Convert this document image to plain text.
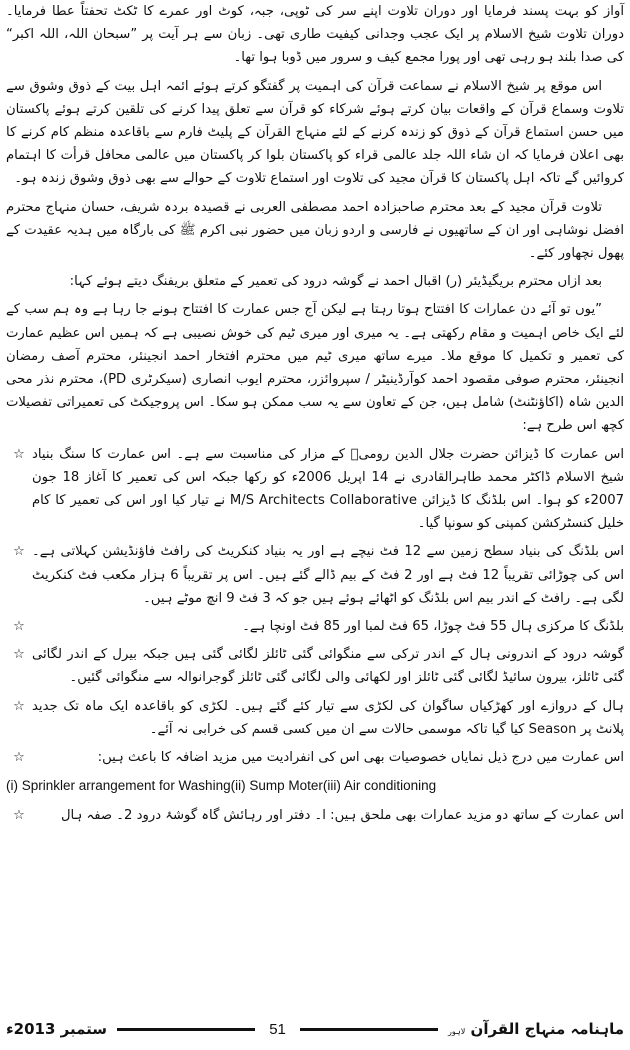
آواز کو بہت پسند فرمایا اور دوران تلاوت اپنے سر کی ٹوپی، جبہ، کوٹ اور عمرے کا ٹکٹ تحفتاً عطا فرمایا۔ دوران تلاوت شیخ الاسلام پر ایک عجب وجدانی کیفیت طاری تھی۔ زبان سے ہر آیت پر ”سبحان اللہ، اللہ اکبر“ کی صدا بلند ہو رہی تھی اور پورا مجمع کیف و سرور میں ڈوبا ہوا تھا۔

اس موقع پر شیخ الاسلام نے سماعت قرآن کی اہمیت پر گفتگو کرتے ہوئے ائمہ اہل بیت کے ذوق وشوق سے تلاوت وسماع قرآن کے واقعات بیان کرتے ہوئے شرکاء کو قرآن سے تعلق پیدا کرنے کی تلقین کرتے ہوئے پاکستان میں حسن استماع قرآن کے ذوق کو زندہ کرنے کے لئے منہاج القرآن کے پلیٹ فارم سے باقاعدہ منظم کام کرنے کا بھی اعلان فرمایا کہ ان شاء اللہ جلد عالمی قراء کو پاکستان بلوا کر پاکستان میں عالمی محافل قرأت کا اہتمام کروائیں گے تاکہ اہل پاکستان کا قرآن مجید کی تلاوت اور استماع تلاوت کے حوالے سے بھی ذوق وشوق زندہ ہو۔

تلاوت قرآن مجید کے بعد محترم صاحبزادہ احمد مصطفی العربی نے قصیدہ بردہ شریف، حسان منہاج محترم افضل نوشاہی اور ان کے ساتھیوں نے فارسی و اردو زبان میں حضور نبی اکرم ﷺ کی بارگاہ میں ہدیہ عقیدت کے پھول نچھاور کئے۔

بعد ازاں محترم بریگیڈیئر (ر) اقبال احمد نے گوشہ درود کی تعمیر کے متعلق بریفنگ دیتے ہوئے کہا:

”یوں تو آئے دن عمارات کا افتتاح ہوتا رہتا ہے لیکن آج جس عمارت کا افتتاح ہونے جا رہا ہے وہ ہم سب کے لئے ایک خاص اہمیت و مقام رکھتی ہے۔ یہ میری اور میری ٹیم کی خوش نصیبی ہے کہ ہمیں اس عظیم عمارت کی تعمیر و تکمیل کا موقع ملا۔ میرے ساتھ میری ٹیم میں محترم افتخار احمد انجینئر، محترم آصف رمضان انجینئر، محترم صوفی مقصود احمد کوآرڈینیٹر / سپروائزر، محترم ایوب انصاری (سیکرٹری PD)، محترم نذر محی الدین شاہ (اکاؤنٹنٹ) شامل ہیں، جن کے تعاون سے یہ سب ممکن ہو سکا۔ اس پروجیکٹ کی تعمیراتی تفصیلات کچھ اس طرح ہے:

☆ اس عمارت کا ڈیزائن حضرت جلال الدین رومیؒ کے مزار کی مناسبت سے ہے۔ اس عمارت کا سنگ بنیاد شیخ الاسلام ڈاکٹر محمد طاہرالقادری نے 14 اپریل 2006ء کو رکھا جبکہ اس کی تعمیر کا آغاز 18 جون 2007ء کو ہوا۔ اس بلڈنگ کا ڈیزائن M/S Architects Collaborative نے تیار کیا اور اس کی تعمیر کا کام خلیل کنسٹرکشن کمپنی کو سونپا گیا۔
☆ اس بلڈنگ کی بنیاد سطح زمین سے 12 فٹ نیچے ہے اور یہ بنیاد کنکریٹ کی رافٹ فاؤنڈیشن کہلاتی ہے۔ اس کی چوڑائی تقریباً 12 فٹ ہے اور 2 فٹ کے بیم ڈالے گئے ہیں۔ اس پر تقریباً 6 ہزار مکعب فٹ کنکریٹ لگی ہے۔ رافٹ کے اندر بیم اس بلڈنگ کو اٹھائے ہوئے ہیں جو کہ 3 فٹ 9 انچ موٹے ہیں۔
☆	بلڈنگ کا مرکزی ہال 55 فٹ چوڑا، 65 فٹ لمبا اور 85 فٹ اونچا ہے۔
☆ گوشہ درود کے اندرونی ہال کے اندر ترکی سے منگوائی گئی ٹائلز لگائی گئی ہیں جبکہ بیرل کے اندر لگائی گئی ٹائلز، بیرون سائیڈ لگائی گئی ٹائلز اور لکھائی والی لگائی گئی ٹائلز گوجرانوالہ سے منگوائی گئیں۔
☆ ہال کے دروازے اور کھڑکیاں ساگوان کی لکڑی سے تیار کئے گئے ہیں۔ لکڑی کو باقاعدہ ایک ماہ تک جدید پلانٹ پر Season کیا گیا تاکہ موسمی حالات سے ان میں کسی قسم کی خرابی نہ آئے۔
☆	اس عمارت میں درج ذیل نمایاں خصوصیات بھی اس کی انفرادیت میں مزید اضافہ کا باعث ہیں:
(i) Sprinkler arrangement for Washing(ii) Sump Moter(iii) Air conditioning
☆	اس عمارت کے ساتھ دو مزید عمارات بھی ملحق ہیں: ا۔ دفتر اور رہائش گاہ گوشۂ درود 2۔ صفہ ہال
ستمبر 2013ء	51	ماہنامہ منہاج القرآن لاہور
